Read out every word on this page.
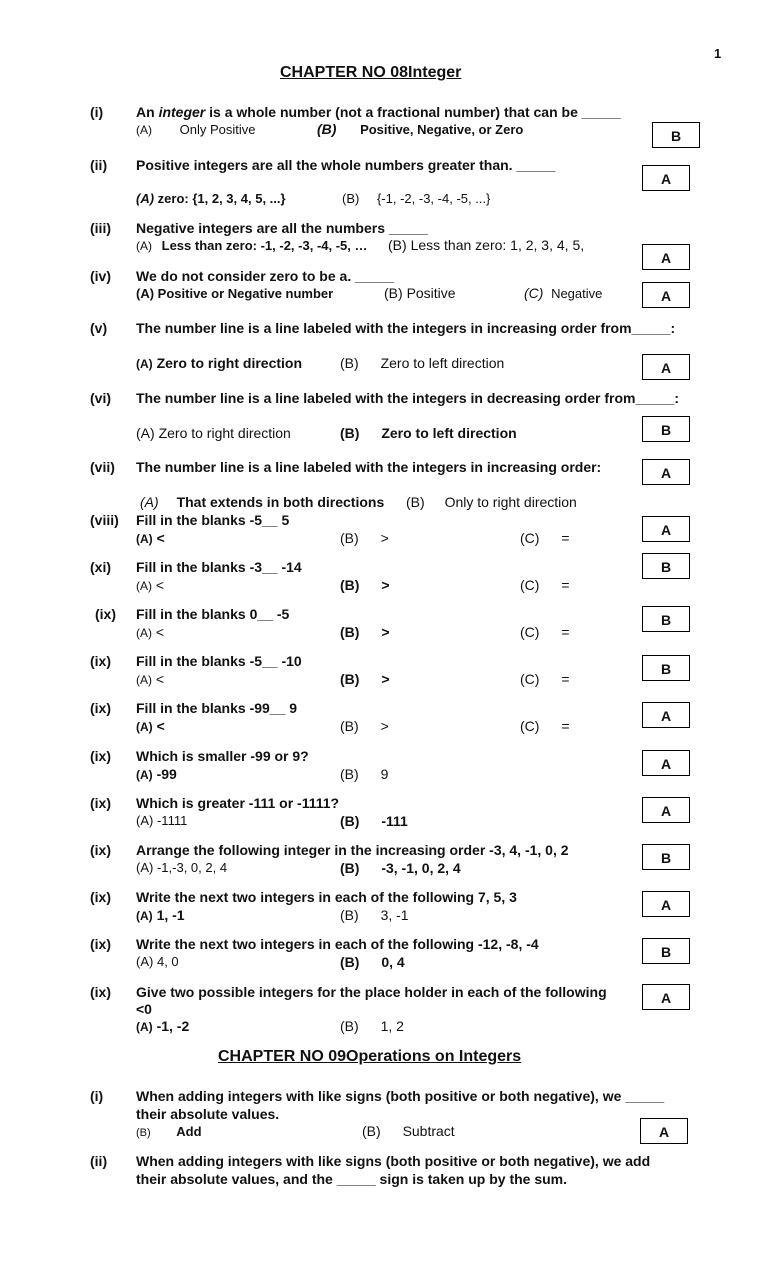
1
CHAPTER NO 08Integer
(i) An integer is a whole number (not a fractional number) that can be _____
(A) Only Positive	(B) Positive, Negative, or Zero	B
(ii) Positive integers are all the whole numbers greater than. _____
(A) zero: {1, 2, 3, 4, 5, ...}	(B) {-1, -2, -3, -4, -5, ...}
A
(iii) Negative integers are all the numbers _____
(A) Less than zero: -1, -2, -3, -4, -5, … (B) Less than zero: 1, 2, 3, 4, 5,
A
(iv) We do not consider zero to be a. _____
(A) Positive or Negative number	(B) Positive	(C) Negative	A
(v) The number line is a line labeled with the integers in increasing order from_____:
(A) Zero to right direction	(B) Zero to left direction	A
(vi) The number line is a line labeled with the integers in decreasing order from_____:
(A) Zero to right direction	(B) Zero to left direction	B
(vii) The number line is a line labeled with the integers in increasing order:
(A) That extends in both directions (B) Only to right direction
A
(viii) Fill in the blanks -5__ 5
(A) <	(B) >	(C) =	A
(xi) Fill in the blanks -3__ -14
(A) <	(B) >	(C) =
B
(ix) Fill in the blanks 0__ -5
(A) <	(B) >	(C) =
B
(ix) Fill in the blanks -5__ -10
(A) <	(B) >	(C) =
B
(ix) Fill in the blanks -99__ 9
(A) <	(B) >	(C) =
A
(ix) Which is smaller -99 or 9?
(A) -99	(B) 9
A
(ix) Which is greater -111 or -1111?
(A) -1111	(B) -111
A
(ix) Arrange the following integer in the increasing order -3, 4, -1, 0, 2
(A) -1,-3, 0, 2, 4	(B) -3, -1, 0, 2, 4
B
(ix) Write the next two integers in each of the following 7, 5, 3
(A) 1, -1	(B) 3, -1
A
(ix) Write the next two integers in each of the following -12, -8, -4
(A) 4, 0	(B) 0, 4
B
(ix) Give two possible integers for the place holder in each of the following
<0
(A) -1, -2	(B) 1, 2
A
CHAPTER NO 09Operations on Integers
(i) When adding integers with like signs (both positive or both negative), we _____
their absolute values.
(B) Add	(B) Subtract	A
(ii) When adding integers with like signs (both positive or both negative), we add
their absolute values, and the _____ sign is taken up by the sum.
